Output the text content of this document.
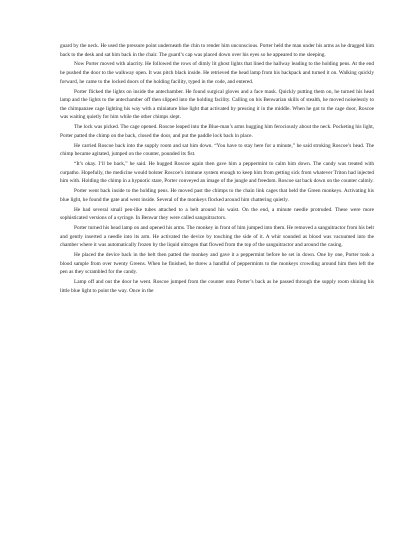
guard by the neck. He used the pressure point underneath the chin to render him unconscious. Porter held the man under his arms as he dragged him back to the desk and sat him back in the chair. The guard’s cap was placed down over his eyes so he appeared to me sleeping.

Now Porter moved with alacrity. He followed the rows of dimly lit ghost lights that lined the hallway leading to the holding pens. At the end he pushed the door to the walkway open. It was pitch black inside. He retrieved the head lamp from his backpack and turned it on. Walking quickly forward, he came to the locked doors of the holding facility, typed in the code, and entered.

Porter flicked the lights on inside the antechamber. He found surgical gloves and a face mask. Quickly putting them on, he turned his head lamp and the lights to the antechamber off then slipped into the holding facility. Calling on his Benwarian skills of stealth, he moved noiselessly to the chimpanzee cage lighting his way with a miniature blue light that activated by pressing it in the middle. When he got to the cage door, Roscoe was waiting quietly for him while the other chimps slept.

The lock was picked. The cage opened. Roscoe leaped into the Blue-man’s arms hugging him ferociously about the neck. Pocketing his light, Porter patted the chimp on the back, closed the door, and put the paddle lock back in place.

He carried Roscoe back into the supply room and sat him down. “You have to stay here for a minute,” he said stroking Roscoe’s head. The chimp became agitated, jumped on the counter, pounded its fist.

“It’s okay. I’ll be back,” he said. He hugged Roscoe again then gave him a peppermint to calm him down. The candy was treated with curpatho. Hopefully, the medicine would bolster Roscoe’s immune system enough to keep him from getting sick from whatever Triton had injected him with. Holding the chimp in a hypnotic stare, Porter conveyed an image of the jungle and freedom. Roscoe sat back down on the counter calmly.

Porter went back inside to the holding pens. He moved past the chimps to the chain link cages that held the Green monkeys. Activating his blue light, he found the gate and went inside. Several of the monkeys flocked around him chattering quietly.

He had several small pen-like tubes attached to a belt around his waist. On the end, a minute needle protruded. These were more sophisticated versions of a syringe. In Benwar they were called sanguitractors.

Porter turned his head lamp on and opened his arms. The monkey in front of him jumped into them. He removed a sanguitractor from his belt and gently inserted a needle into its arm. He activated the device by touching the side of it. A whir sounded as blood was vacuumed into the chamber where it was automatically frozen by the liquid nitrogen that flowed from the top of the sanguitractor and around the casing.

He placed the device back in the belt then patted the monkey and gave it a peppermint before he set in down. One by one, Porter took a blood sample from over twenty Greens. When he finished, he threw a handful of peppermints to the monkeys crowding around him then left the pen as they scrambled for the candy.

Lamp off and out the door he went. Roscoe jumped from the counter onto Porter’s back as he passed through the supply room shining his little blue light to point the way. Once in the
